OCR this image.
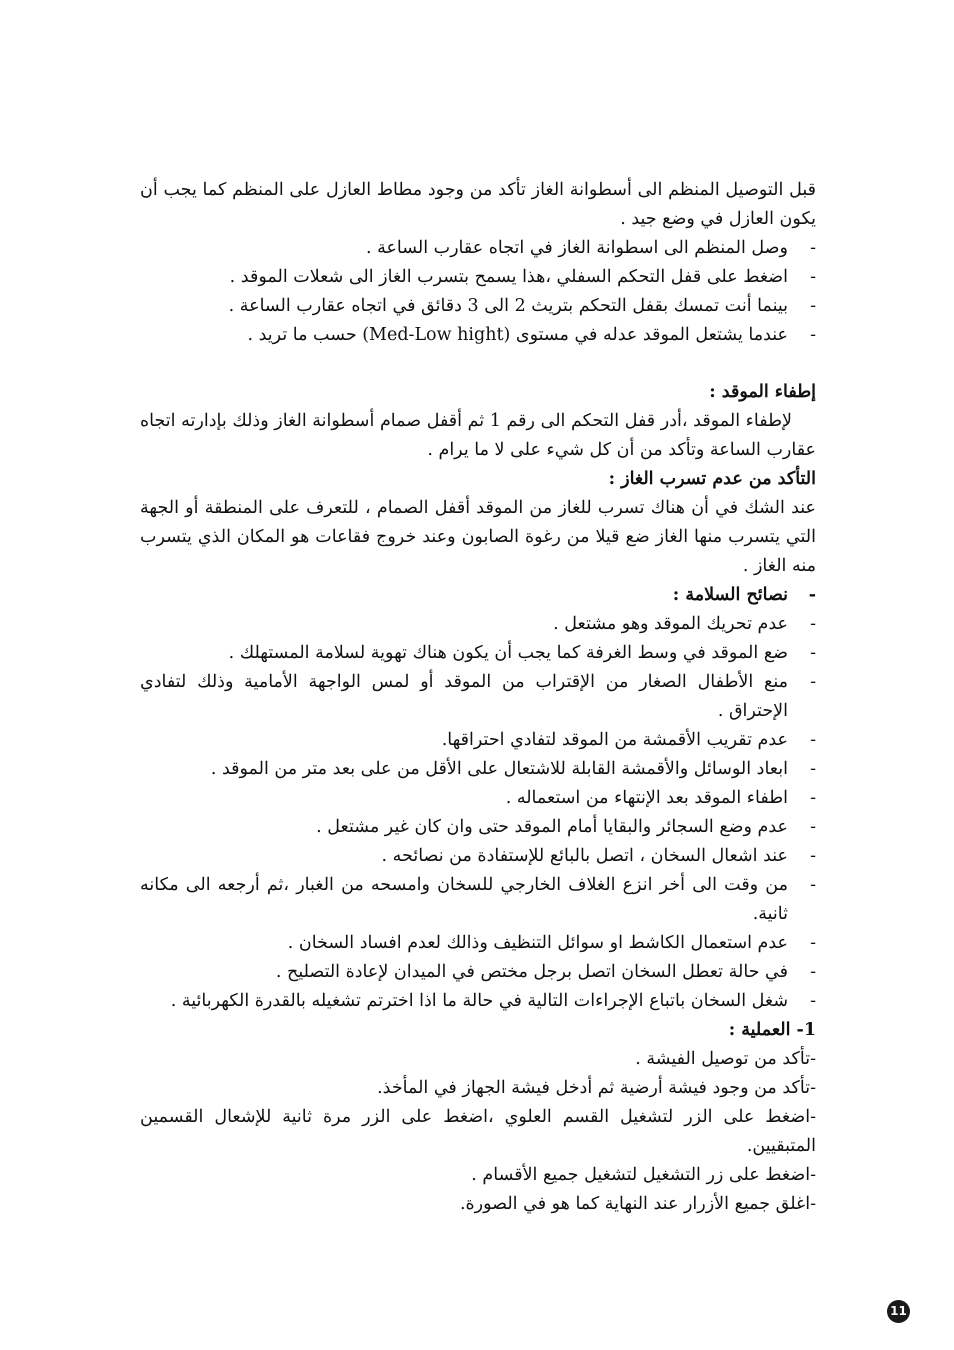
قبل التوصيل المنظم الى أسطوانة الغاز تأكد من وجود مطاط العازل على المنظم كما يجب أن يكون العازل في وضع جيد .

- وصل المنظم الى اسطوانة الغاز في اتجاه عقارب الساعة .
- اضغط على قفل التحكم السفلي ،هذا يسمح بتسرب الغاز الى شعلات الموقد .
- بينما أنت تمسك بقفل التحكم بتريث 2 الى 3 دقائق في اتجاه عقارب الساعة .
- عندما يشتعل الموقد عدله في مستوى (Med-Low hight) حسب ما تريد .

إطفاء الموقد :

لإطفاء الموقد ،أدر قفل التحكم الى رقم 1 ثم أقفل صمام أسطوانة الغاز وذلك بإدارته اتجاه عقارب الساعة وتأكد من أن كل شيء على لا ما يرام .

التأكد من عدم تسرب الغاز :

عند الشك في أن هناك تسرب للغاز من الموقد أقفل الصمام ، للتعرف على المنطقة أو الجهة التي يتسرب منها الغاز ضع قيلا من رغوة الصابون وعند خروج فقاعات هو المكان الذي يتسرب منه الغاز .

- نصائح السلامة :
- عدم تحريك الموقد وهو مشتعل .
- ضع الموقد في وسط الغرفة كما يجب أن يكون هناك تهوية لسلامة المستهلك .
- منع الأطفال الصغار من الإقتراب من الموقد أو لمس الواجهة الأمامية وذلك لتفادي الإحتراق .
- عدم تقريب الأقمشة من الموقد لتفادي احتراقها.
- ابعاد الوسائل والأقمشة القابلة للاشتعال على الأقل من على بعد متر من الموقد .
- اطفاء الموقد بعد الإنتهاء من استعماله .
- عدم وضع السجائر والبقايا أمام الموقد حتى وان كان غير مشتعل .
- عند اشعال السخان ، اتصل بالبائع للإستفادة من نصائحه .
- من وقت الى أخر انزع الغلاف الخارجي للسخان وامسحه من الغبار ،ثم أرجعه الى مكانه ثانية.
- عدم استعمال الكاشط او سوائل التنظيف وذالك لعدم افساد السخان .
- في حالة تعطل السخان اتصل برجل مختص في الميدان لإعادة التصليح .
- شغل السخان باتباع الإجراءات التالية في حالة ما اذا اخترتم تشغيله بالقدرة الكهربائية .

1- العملية :

-تأكد من توصيل الفيشة .

-تأكد من وجود فيشة أرضية ثم أدخل فيشة الجهاز في المأخذ.

-اضغط على الزر لتشغيل القسم العلوي ،اضغط على الزر مرة ثانية للإشعال القسمين المتبقيين.

-اضغط على زر التشغيل لتشغيل جميع الأقسام .

-اغلق جميع الأزرار عند النهاية كما هو في الصورة.

11
